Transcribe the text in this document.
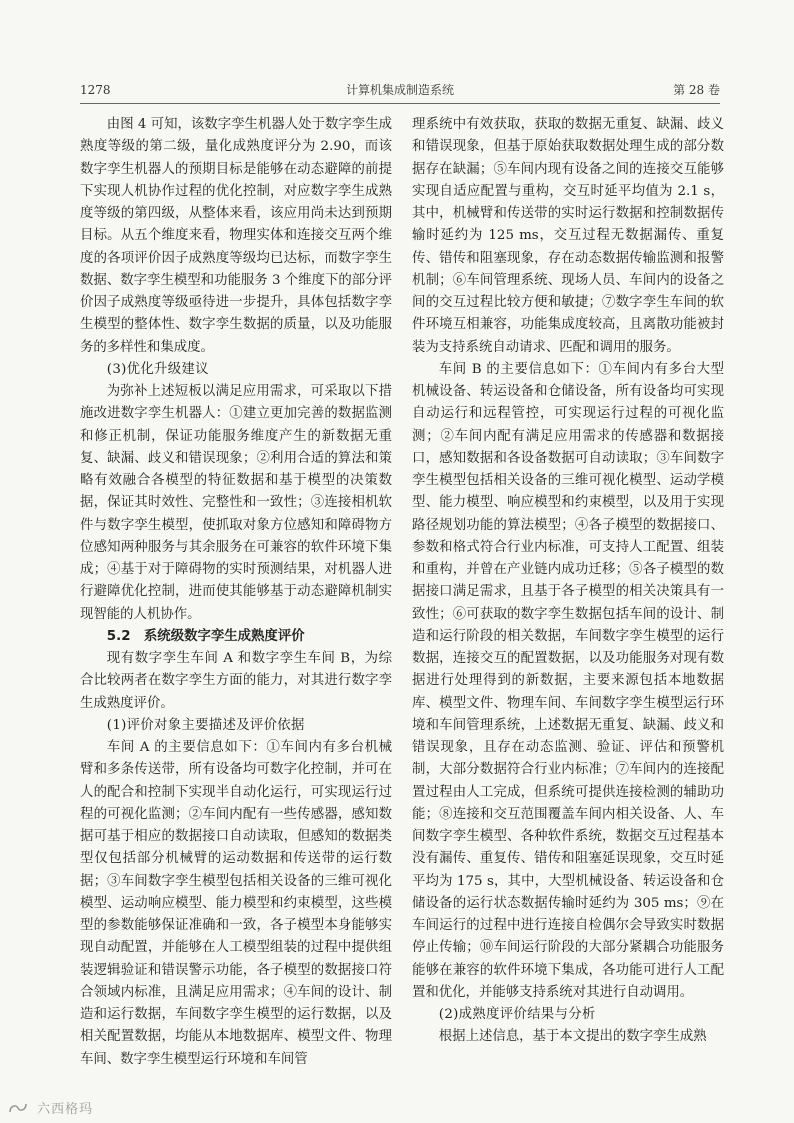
1278	计算机集成制造系统	第 28 卷

由图 4 可知，该数字孪生机器人处于数字孪生成熟度等级的第二级，量化成熟度评分为 2.90，而该数字孪生机器人的预期目标是能够在动态避障的前提下实现人机协作过程的优化控制，对应数字孪生成熟度等级的第四级，从整体来看，该应用尚未达到预期目标。从五个维度来看，物理实体和连接交互两个维度的各项评价因子成熟度等级均已达标，而数字孪生数据、数字孪生模型和功能服务 3 个维度下的部分评价因子成熟度等级亟待进一步提升，具体包括数字孪生模型的整体性、数字孪生数据的质量，以及功能服务的多样性和集成度。

(3)优化升级建议

为弥补上述短板以满足应用需求，可采取以下措施改进数字孪生机器人：①建立更加完善的数据监测和修正机制，保证功能服务维度产生的新数据无重复、缺漏、歧义和错误现象；②利用合适的算法和策略有效融合各模型的特征数据和基于模型的决策数据，保证其时效性、完整性和一致性；③连接相机软件与数字孪生模型，使抓取对象方位感知和障碍物方位感知两种服务与其余服务在可兼容的软件环境下集成；④基于对于障碍物的实时预测结果，对机器人进行避障优化控制，进而使其能够基于动态避障机制实现智能的人机协作。

5.2　系统级数字孪生成熟度评价

现有数字孪生车间 A 和数字孪生车间 B，为综合比较两者在数字孪生方面的能力，对其进行数字孪生成熟度评价。

(1)评价对象主要描述及评价依据

车间 A 的主要信息如下：①车间内有多台机械臂和多条传送带，所有设备均可数字化控制，并可在人的配合和控制下实现半自动化运行，可实现运行过程的可视化监测；②车间内配有一些传感器，感知数据可基于相应的数据接口自动读取，但感知的数据类型仅包括部分机械臂的运动数据和传送带的运行数据；③车间数字孪生模型包括相关设备的三维可视化模型、运动响应模型、能力模型和约束模型，这些模型的参数能够保证准确和一致，各子模型本身能够实现自动配置，并能够在人工模型组装的过程中提供组装逻辑验证和错误警示功能，各子模型的数据接口符合领域内标准，且满足应用需求；④车间的设计、制造和运行数据，车间数字孪生模型的运行数据，以及相关配置数据，均能从本地数据库、模型文件、物理车间、数字孪生模型运行环境和车间管

理系统中有效获取，获取的数据无重复、缺漏、歧义和错误现象，但基于原始获取数据处理生成的部分数据存在缺漏；⑤车间内现有设备之间的连接交互能够实现自适应配置与重构，交互时延平均值为 2.1 s，其中，机械臂和传送带的实时运行数据和控制数据传输时延约为 125 ms，交互过程无数据漏传、重复传、错传和阻塞现象，存在动态数据传输监测和报警机制；⑥车间管理系统、现场人员、车间内的设备之间的交互过程比较方便和敏捷；⑦数字孪生车间的软件环境互相兼容，功能集成度较高，且离散功能被封装为支持系统自动请求、匹配和调用的服务。

车间 B 的主要信息如下：①车间内有多台大型机械设备、转运设备和仓储设备，所有设备均可实现自动运行和远程管控，可实现运行过程的可视化监测；②车间内配有满足应用需求的传感器和数据接口，感知数据和各设备数据可自动读取；③车间数字孪生模型包括相关设备的三维可视化模型、运动学模型、能力模型、响应模型和约束模型，以及用于实现路径规划功能的算法模型；④各子模型的数据接口、参数和格式符合行业内标准，可支持人工配置、组装和重构，并曾在产业链内成功迁移；⑤各子模型的数据接口满足需求，且基于各子模型的相关决策具有一致性；⑥可获取的数字孪生数据包括车间的设计、制造和运行阶段的相关数据，车间数字孪生模型的运行数据，连接交互的配置数据，以及功能服务对现有数据进行处理得到的新数据，主要来源包括本地数据库、模型文件、物理车间、车间数字孪生模型运行环境和车间管理系统，上述数据无重复、缺漏、歧义和错误现象，且存在动态监测、验证、评估和预警机制，大部分数据符合行业内标准；⑦车间内的连接配置过程由人工完成，但系统可提供连接检测的辅助功能；⑧连接和交互范围覆盖车间内相关设备、人、车间数字孪生模型、各种软件系统，数据交互过程基本没有漏传、重复传、错传和阻塞延误现象，交互时延平均为 175 s，其中，大型机械设备、转运设备和仓储设备的运行状态数据传输时延约为 305 ms；⑨在车间运行的过程中进行连接自检偶尔会导致实时数据停止传输；⑩车间运行阶段的大部分紧耦合功能服务能够在兼容的软件环境下集成，各功能可进行人工配置和优化，并能够支持系统对其进行自动调用。

(2)成熟度评价结果与分析

根据上述信息，基于本文提出的数字孪生成熟

六西格玛
